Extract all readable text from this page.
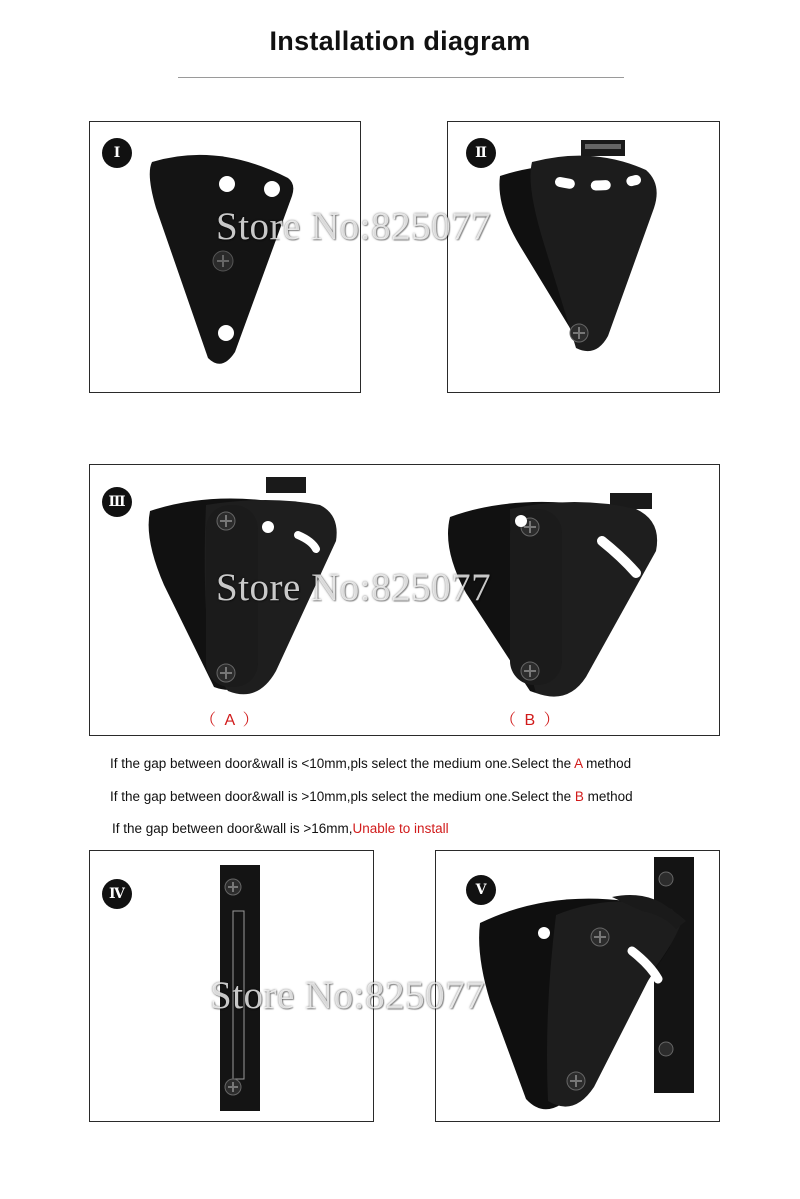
Installation diagram
Ⅰ	Ⅱ
Ⅲ
（ A ）	（ B ）
If the gap between door&wall is <10mm,pls select the medium one.Select the A method
If the gap between door&wall is >10mm,pls select the medium one.Select the B method
If the gap between door&wall is >16mm,Unable to install
Ⅳ	Ⅴ
Store No:825077
Store No:825077
Store No:825077
